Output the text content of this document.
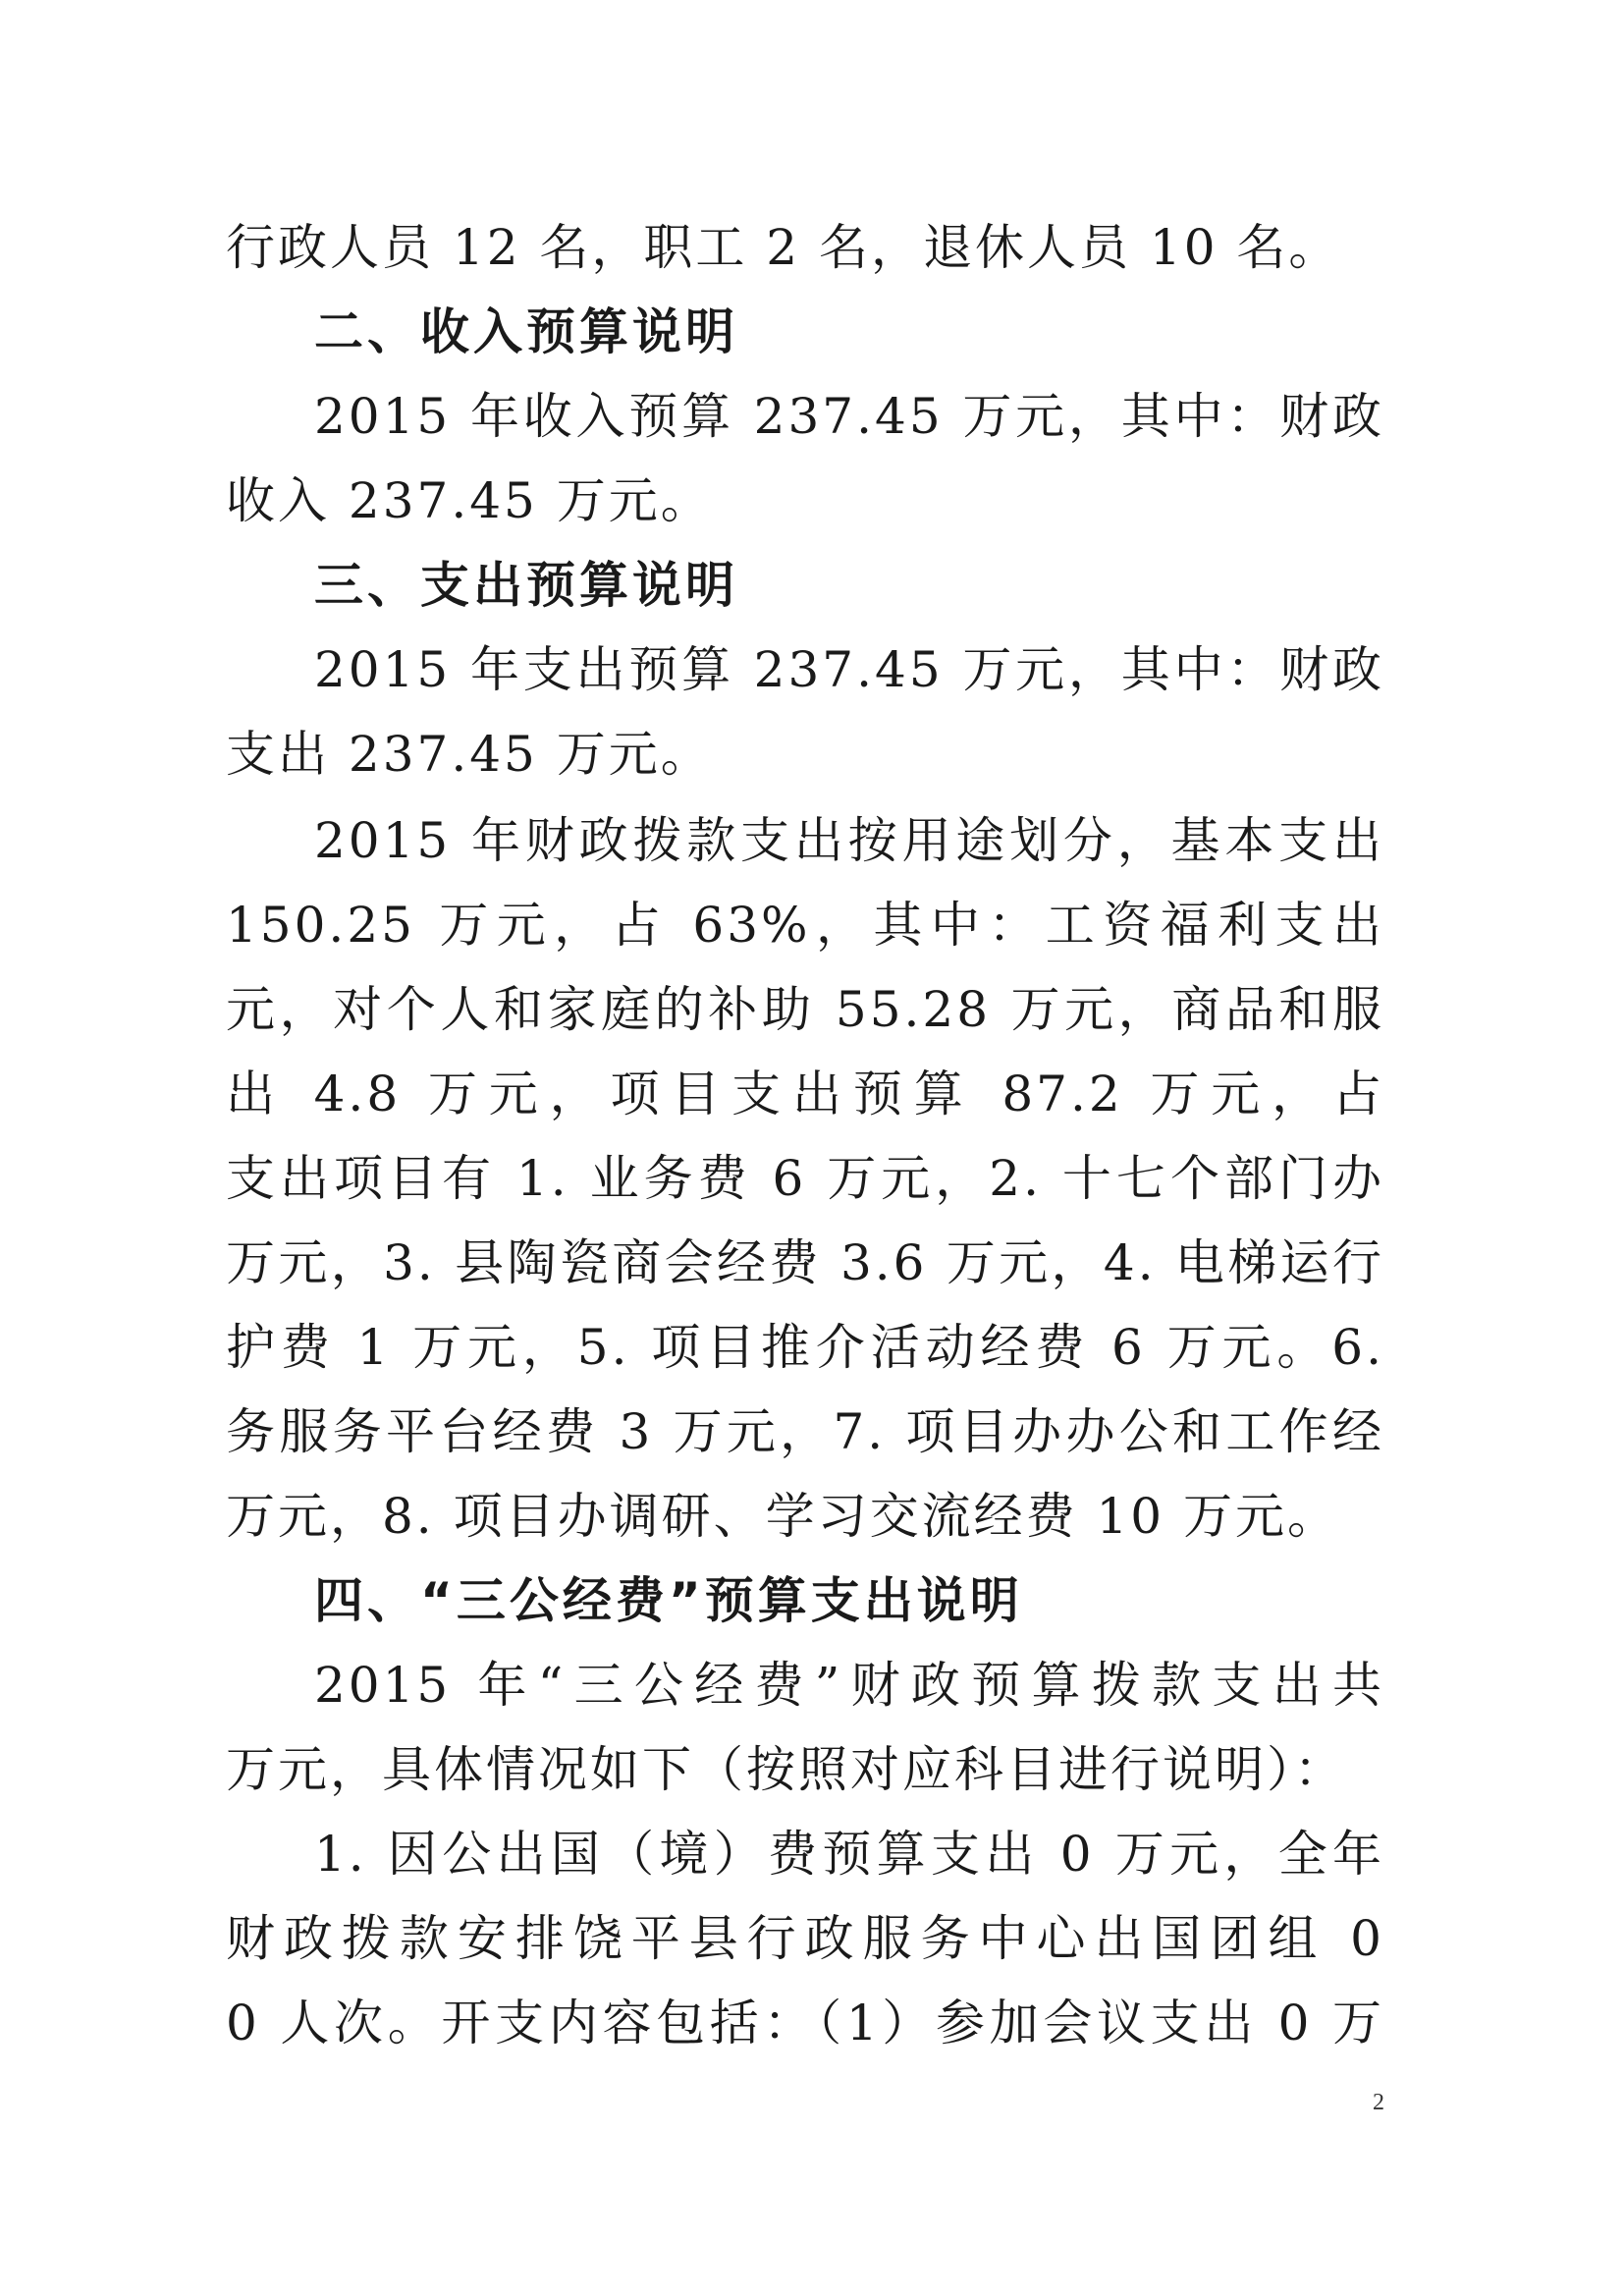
行政人员 12 名，职工 2 名，退休人员 10 名。
二、收入预算说明
2015 年收入预算 237.45 万元，其中：财政
收入 237.45 万元。
三、支出预算说明
2015 年支出预算 237.45 万元，其中：财政
支出 237.45 万元。
2015 年财政拨款支出按用途划分，基本支出
150.25 万元，占 63%，其中：工资福利支出
元，对个人和家庭的补助 55.28 万元，商品和服
出 4.8 万元，项目支出预算 87.2 万元，占
支出项目有 1. 业务费 6 万元，2. 十七个部门办
万元，3. 县陶瓷商会经费 3.6 万元，4. 电梯运行
护费 1 万元，5. 项目推介活动经费 6 万元。6.
务服务平台经费 3 万元，7. 项目办办公和工作经
万元，8. 项目办调研、学习交流经费 10 万元。
四、“三公经费”预算支出说明
2015 年“三公经费”财政预算拨款支出共
万元，具体情况如下（按照对应科目进行说明）：
1. 因公出国（境）费预算支出 0 万元，全年
财政拨款安排饶平县行政服务中心出国团组 0
0 人次。开支内容包括：（1）参加会议支出 0 万
2
